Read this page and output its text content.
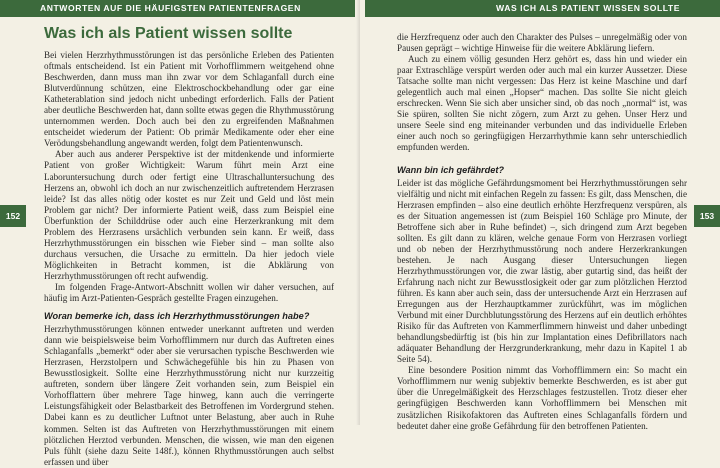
ANTWORTEN AUF DIE HÄUFIGSTEN PATIENTENFRAGEN
152
Was ich als Patient wissen sollte

Bei vielen Herzrhythmusstörungen ist das persönliche Erleben des Patienten oftmals entscheidend. Ist ein Patient mit Vorhofflimmern weitgehend ohne Beschwerden, dann muss man ihn zwar vor dem Schlaganfall durch eine Blutverdünnung schützen, eine Elektroschockbehandlung oder gar eine Katheterablation sind jedoch nicht unbedingt erforderlich. Falls der Patient aber deutliche Beschwerden hat, dann sollte etwas gegen die Rhythmusstörung unternommen werden. Doch auch bei den zu ergreifenden Maßnahmen entscheidet wiederum der Patient: Ob primär Medikamente oder eher eine Verödungsbehandlung angewandt werden, folgt dem Patientenwunsch.

Aber auch aus anderer Perspektive ist der mitdenkende und informierte Patient von großer Wichtigkeit: Warum führt mein Arzt eine Laboruntersuchung durch oder fertigt eine Ultraschalluntersuchung des Herzens an, obwohl ich doch an nur zwischenzeitlich auftretendem Herzrasen leide? Ist das alles nötig oder kostet es nur Zeit und Geld und löst mein Problem gar nicht? Der informierte Patient weiß, dass zum Beispiel eine Überfunktion der Schilddrüse oder auch eine Herzerkrankung mit dem Problem des Herzrasens ursächlich verbunden sein kann. Er weiß, dass Herzrhythmusstörungen ein bisschen wie Fieber sind – man sollte also durchaus versuchen, die Ursache zu ermitteln. Da hier jedoch viele Möglichkeiten in Betracht kommen, ist die Abklärung von Herzrhythmusstörungen oft recht aufwendig.

Im folgenden Frage-Antwort-Abschnitt wollen wir daher versuchen, auf häufig im Arzt-Patienten-Gespräch gestellte Fragen einzugehen.

Woran bemerke ich, dass ich Herzrhythmusstörungen habe?

Herzrhythmusstörungen können entweder unerkannt auftreten und werden dann wie beispielsweise beim Vorhofflimmern nur durch das Auftreten eines Schlaganfalls „bemerkt“ oder aber sie verursachen typische Beschwerden wie Herzrasen, Herzstolpern und Schwächegefühle bis hin zu Phasen von Bewusstlosigkeit. Sollte eine Herzrhythmusstörung nicht nur kurzzeitig auftreten, sondern über längere Zeit vorhanden sein, zum Beispiel ein Vorhofflattern über mehrere Tage hinweg, kann auch die verringerte Leistungsfähigkeit oder Belastbarkeit des Betroffenen im Vordergrund stehen. Dabei kann es zu deutlicher Luftnot unter Belastung, aber auch in Ruhe kommen. Selten ist das Auftreten von Herzrhythmusstörungen mit einem plötzlichen Herztod verbunden. Menschen, die wissen, wie man den eigenen Puls fühlt (siehe dazu Seite 148f.), können Rhythmusstörungen auch selbst erfassen und über

WAS ICH ALS PATIENT WISSEN SOLLTE
153

die Herzfrequenz oder auch den Charakter des Pulses – unregelmäßig oder von Pausen geprägt – wichtige Hinweise für die weitere Abklärung liefern.

Auch zu einem völlig gesunden Herz gehört es, dass hin und wieder ein paar Extraschläge verspürt werden oder auch mal ein kurzer Aussetzer. Diese Tatsache sollte man nicht vergessen: Das Herz ist keine Maschine und darf gelegentlich auch mal einen „Hopser“ machen. Das sollte Sie nicht gleich erschrecken. Wenn Sie sich aber unsicher sind, ob das noch „normal“ ist, was Sie spüren, sollten Sie nicht zögern, zum Arzt zu gehen. Unser Herz und unsere Seele sind eng miteinander verbunden und das individuelle Erleben einer auch noch so geringfügigen Herzarrhythmie kann sehr unterschiedlich empfunden werden.

Wann bin ich gefährdet?

Leider ist das mögliche Gefährdungsmoment bei Herzrhythmusstörungen sehr vielfältig und nicht mit einfachen Regeln zu fassen: Es gilt, dass Menschen, die Herzrasen empfinden – also eine deutlich erhöhte Herzfrequenz verspüren, als es der Situation angemessen ist (zum Beispiel 160 Schläge pro Minute, der Betroffene sich aber in Ruhe befindet) –, sich dringend zum Arzt begeben sollten. Es gilt dann zu klären, welche genaue Form von Herzrasen vorliegt und ob neben der Herzrhythmusstörung noch andere Herzerkrankungen bestehen. Je nach Ausgang dieser Untersuchungen liegen Herzrhythmusstörungen vor, die zwar lästig, aber gutartig sind, das heißt der Erfahrung nach nicht zur Bewusstlosigkeit oder gar zum plötzlichen Herztod führen. Es kann aber auch sein, dass der untersuchende Arzt ein Herzrasen auf Erregungen aus der Herzhauptkammer zurückführt, was im möglichen Verbund mit einer Durchblutungsstörung des Herzens auf ein deutlich erhöhtes Risiko für das Auftreten von Kammerflimmern hinweist und daher unbedingt behandlungsbedürftig ist (bis hin zur Implantation eines Defibrillators nach adäquater Behandlung der Herzgrunderkrankung, mehr dazu in Kapitel 1 ab Seite 54).

Eine besondere Position nimmt das Vorhofflimmern ein: So macht ein Vorhofflimmern nur wenig subjektiv bemerkte Beschwerden, es ist aber gut über die Unregelmäßigkeit des Herzschlages festzustellen. Trotz dieser eher geringfügigen Beschwerden kann Vorhofflimmern bei Menschen mit zusätzlichen Risikofaktoren das Auftreten eines Schlaganfalls fördern und bedeutet daher eine große Gefährdung für den betroffenen Patienten.
